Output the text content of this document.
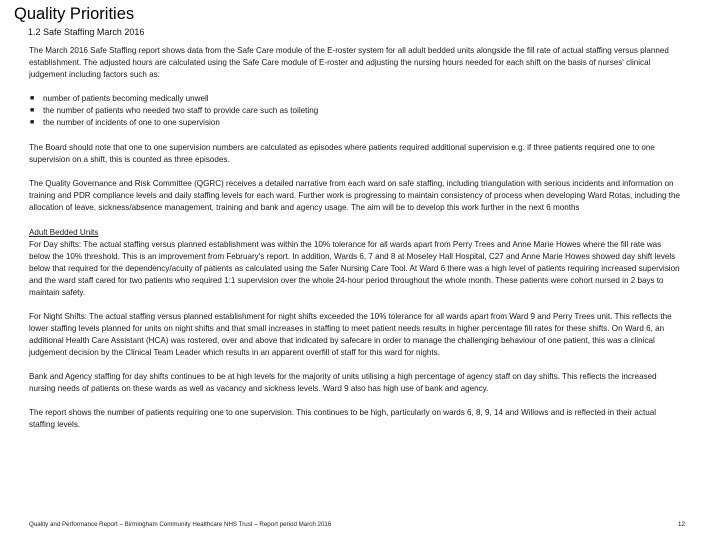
Quality Priorities
1.2 Safe Staffing March 2016

The March 2016 Safe Staffing report shows data from the Safe Care module of the E-roster system for all adult bedded units alongside the fill rate of actual staffing versus planned establishment. The adjusted hours are calculated using the Safe Care module of E-roster and adjusting the nursing hours needed for each shift on the basis of nurses' clinical judgement including factors such as:

■ number of patients becoming medically unwell
■ the number of patients who needed two staff to provide care such as toileting
■ the number of incidents of one to one supervision

The Board should note that one to one supervision numbers are calculated as episodes where patients required additional supervision e.g. if three patients required one to one supervision on a shift, this is counted as three episodes.

The Quality Governance and Risk Committee (QGRC) receives a detailed narrative from each ward on safe staffing, including triangulation with serious incidents and information on training and PDR compliance levels and daily staffing levels for each ward. Further work is progressing to maintain consistency of process when developing Ward Rotas, including the allocation of leave, sickness/absence management, training and bank and agency usage. The aim will be to develop this work further in the next 6 months

Adult Bedded Units

For Day shifts: The actual staffing versus planned establishment was within the 10% tolerance for all wards apart from Perry Trees and Anne Marie Howes where the fill rate was below the 10% threshold. This is an improvement from February's report. In addition, Wards 6, 7 and 8 at Moseley Hall Hospital, C27 and Anne Marie Howes showed day shift levels below that required for the dependency/acuity of patients as calculated using the Safer Nursing Care Tool. At Ward 6 there was a high level of patients requiring increased supervision and the ward staff cared for two patients who required 1:1 supervision over the whole 24-hour period throughout the whole month. These patients were cohort nursed in 2 bays to maintain safety.

For Night Shifts: The actual staffing versus planned establishment for night shifts exceeded the 10% tolerance for all wards apart from Ward 9 and Perry Trees unit. This reflects the lower staffing levels planned for units on night shifts and that small increases in staffing to meet patient needs results in higher percentage fill rates for these shifts. On Ward 6, an additional Health Care Assistant (HCA) was rostered, over and above that indicated by safecare in order to manage the challenging behaviour of one patient, this was a clinical judgement decision by the Clinical Team Leader which results in an apparent overfill of staff for this ward for nights.

Bank and Agency staffing for day shifts continues to be at high levels for the majority of units utilising a high percentage of agency staff on day shifts. This reflects the increased nursing needs of patients on these wards as well as vacancy and sickness levels. Ward 9 also has high use of bank and agency.

The report shows the number of patients requiring one to one supervision. This continues to be high, particularly on wards 6, 8, 9, 14 and Willows and is reflected in their actual staffing levels.

Quality and Performance Report – Birmingham Community Healthcare NHS Trust – Report period March 2016	12
